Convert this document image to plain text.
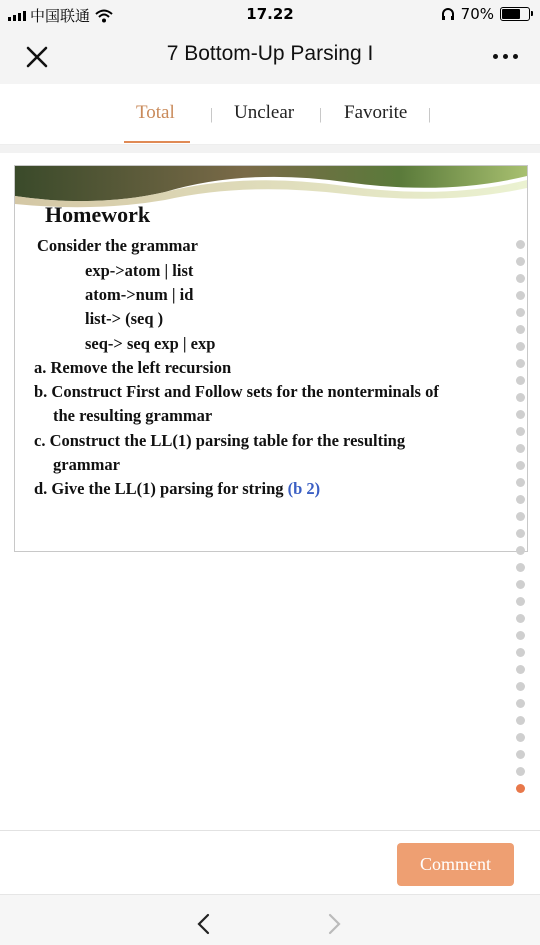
中国联通	17.22	70%
7 Bottom-Up Parsing I
Total | Unclear | Favorite |
Homework
Consider the grammar
exp->atom | list
atom->num | id
list-> (seq )
seq-> seq exp | exp
a. Remove the left recursion
b. Construct First and Follow sets for the nonterminals of
the resulting grammar
c. Construct the LL(1) parsing table for the resulting
grammar
d. Give the LL(1) parsing for string (b 2)
Comment
